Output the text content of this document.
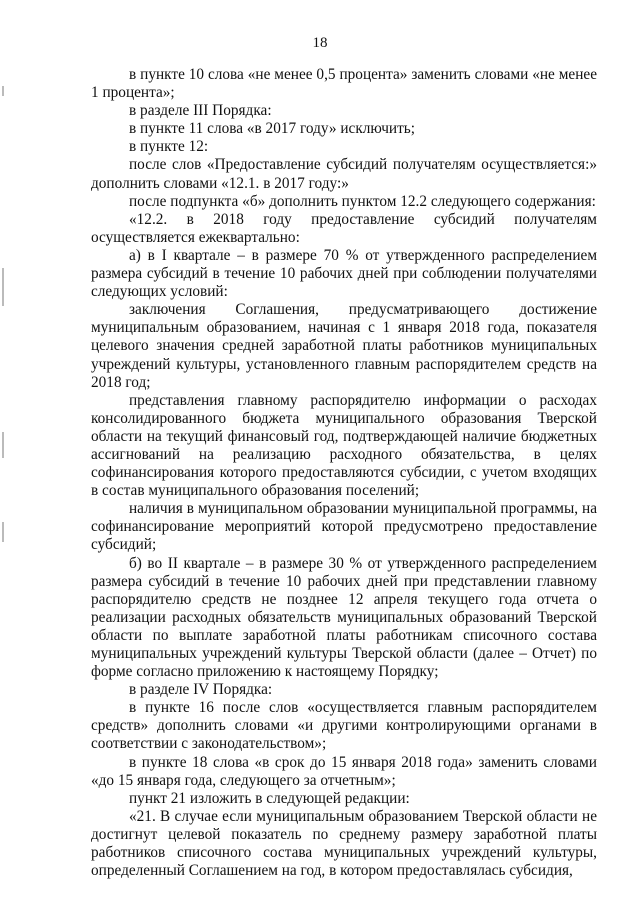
18

в пункте 10 слова «не менее 0,5 процента» заменить словами «не менее 1 процента»;

в разделе III Порядка:

в пункте 11 слова «в 2017 году» исключить;

в пункте 12:

после слов «Предоставление субсидий получателям осуществляется:» дополнить словами «12.1. в 2017 году:»

после подпункта «б» дополнить пунктом 12.2 следующего содержания:

«12.2. в 2018 году предоставление субсидий получателям осуществляется ежеквартально:

а) в I квартале – в размере 70 % от утвержденного распределением размера субсидий в течение 10 рабочих дней при соблюдении получателями следующих условий:

заключения Соглашения, предусматривающего достижение муниципальным образованием, начиная с 1 января 2018 года, показателя целевого значения средней заработной платы работников муниципальных учреждений культуры, установленного главным распорядителем средств на 2018 год;

представления главному распорядителю информации о расходах консолидированного бюджета муниципального образования Тверской области на текущий финансовый год, подтверждающей наличие бюджетных ассигнований на реализацию расходного обязательства, в целях софинансирования которого предоставляются субсидии, с учетом входящих в состав муниципального образования поселений;

наличия в муниципальном образовании муниципальной программы, на софинансирование мероприятий которой предусмотрено предоставление субсидий;

б) во II квартале – в размере 30 % от утвержденного распределением размера субсидий в течение 10 рабочих дней при представлении главному распорядителю средств не позднее 12 апреля текущего года отчета о реализации расходных обязательств муниципальных образований Тверской области по выплате заработной платы работникам списочного состава муниципальных учреждений культуры Тверской области (далее – Отчет) по форме согласно приложению к настоящему Порядку;

в разделе IV Порядка:

в пункте 16 после слов «осуществляется главным распорядителем средств» дополнить словами «и другими контролирующими органами в соответствии с законодательством»;

в пункте 18 слова «в срок до 15 января 2018 года» заменить словами «до 15 января года, следующего за отчетным»;

пункт 21 изложить в следующей редакции:

«21. В случае если муниципальным образованием Тверской области не достигнут целевой показатель по среднему размеру заработной платы работников списочного состава муниципальных учреждений культуры, определенный Соглашением на год, в котором предоставлялась субсидия,
